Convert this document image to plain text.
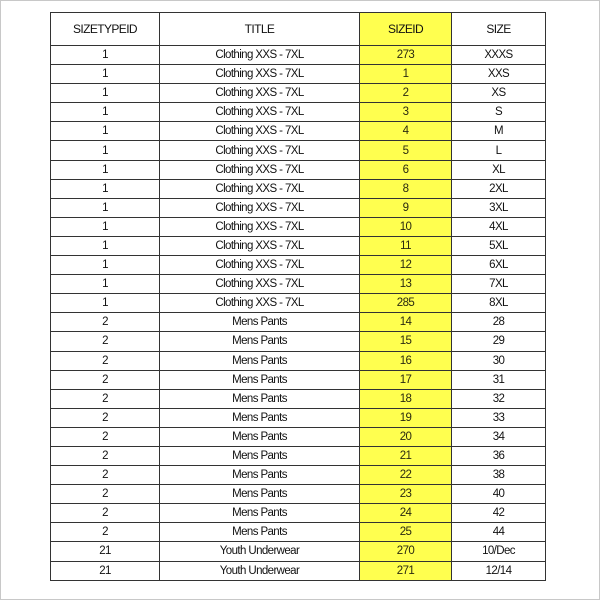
SIZETYPEID	TITLE	SIZEID	SIZE
1	Clothing XXS - 7XL	273	XXXS
1	Clothing XXS - 7XL	1	XXS
1	Clothing XXS - 7XL	2	XS
1	Clothing XXS - 7XL	3	S
1	Clothing XXS - 7XL	4	M
1	Clothing XXS - 7XL	5	L
1	Clothing XXS - 7XL	6	XL
1	Clothing XXS - 7XL	8	2XL
1	Clothing XXS - 7XL	9	3XL
1	Clothing XXS - 7XL	10	4XL
1	Clothing XXS - 7XL	11	5XL
1	Clothing XXS - 7XL	12	6XL
1	Clothing XXS - 7XL	13	7XL
1	Clothing XXS - 7XL	285	8XL
2	Mens Pants	14	28
2	Mens Pants	15	29
2	Mens Pants	16	30
2	Mens Pants	17	31
2	Mens Pants	18	32
2	Mens Pants	19	33
2	Mens Pants	20	34
2	Mens Pants	21	36
2	Mens Pants	22	38
2	Mens Pants	23	40
2	Mens Pants	24	42
2	Mens Pants	25	44
21	Youth Underwear	270	10/Dec
21	Youth Underwear	271	12/14
